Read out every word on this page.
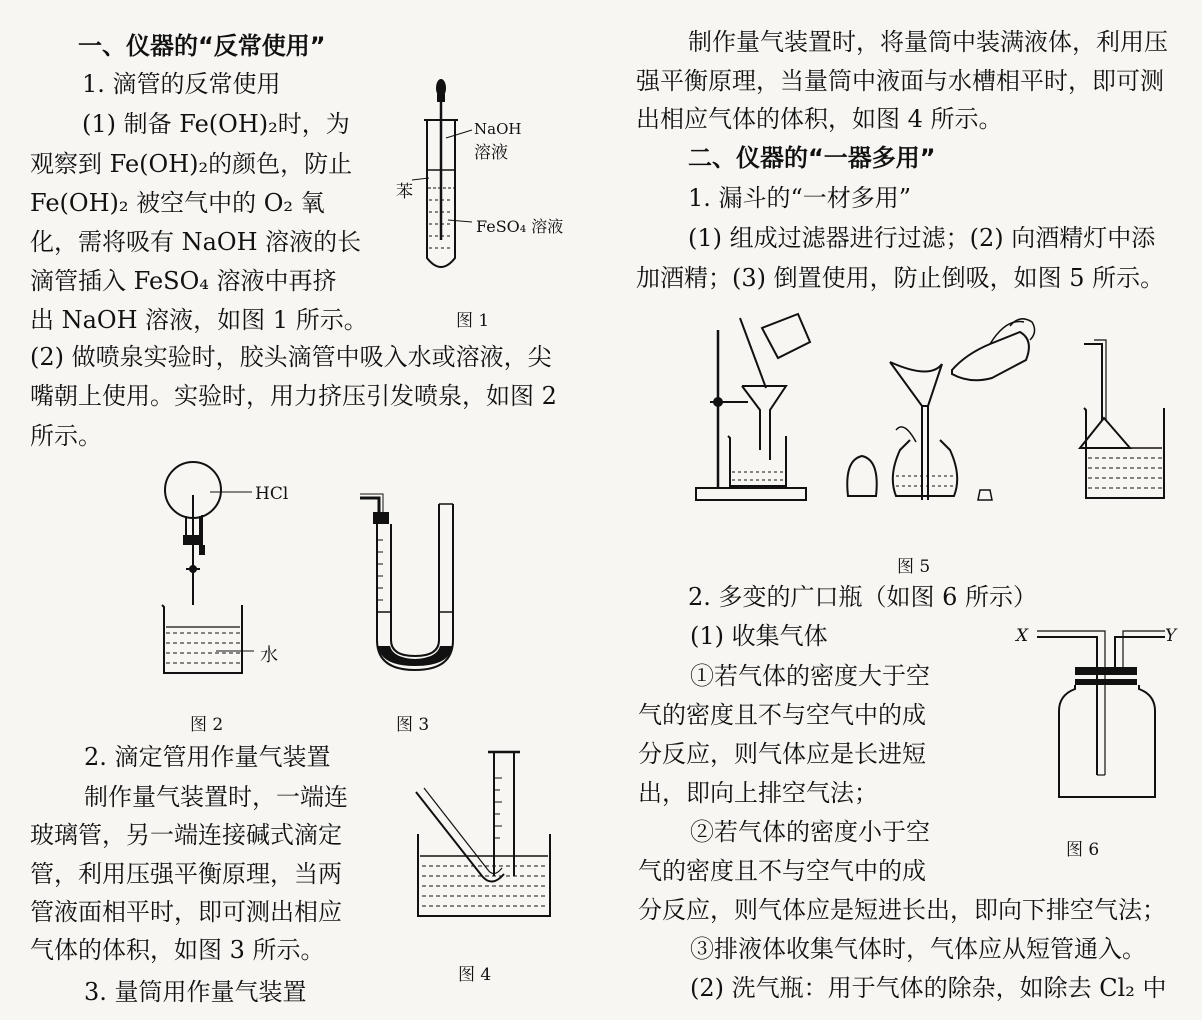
一、仪器的“反常使用”
1. 滴管的反常使用
(1) 制备 Fe(OH)₂时，为
观察到 Fe(OH)₂的颜色，防止
Fe(OH)₂ 被空气中的 O₂ 氧
化，需将吸有 NaOH 溶液的长
滴管插入 FeSO₄ 溶液中再挤
出 NaOH 溶液，如图 1 所示。
(2) 做喷泉实验时，胶头滴管中吸入水或溶液，尖
嘴朝上使用。实验时，用力挤压引发喷泉，如图 2
所示。
2. 滴定管用作量气装置
制作量气装置时，一端连
玻璃管，另一端连接碱式滴定
管，利用压强平衡原理，当两
管液面相平时，即可测出相应
气体的体积，如图 3 所示。
3. 量筒用作量气装置
制作量气装置时，将量筒中装满液体，利用压
强平衡原理，当量筒中液面与水槽相平时，即可测
出相应气体的体积，如图 4 所示。
二、仪器的“一器多用”
1. 漏斗的“一材多用”
(1) 组成过滤器进行过滤；(2) 向酒精灯中添
加酒精；(3) 倒置使用，防止倒吸，如图 5 所示。
2. 多变的广口瓶（如图 6 所示）
(1) 收集气体
①若气体的密度大于空
气的密度且不与空气中的成
分反应，则气体应是长进短
出，即向上排空气法；
②若气体的密度小于空
气的密度且不与空气中的成
分反应，则气体应是短进长出，即向下排空气法；
③排液体收集气体时，气体应从短管通入。
(2) 洗气瓶：用于气体的除杂，如除去 Cl₂ 中
NaOH
溶液
苯
FeSO₄ 溶液
图 1
HCl
水
图 2	图 3
图 4
图 5
X	Y
图 6
